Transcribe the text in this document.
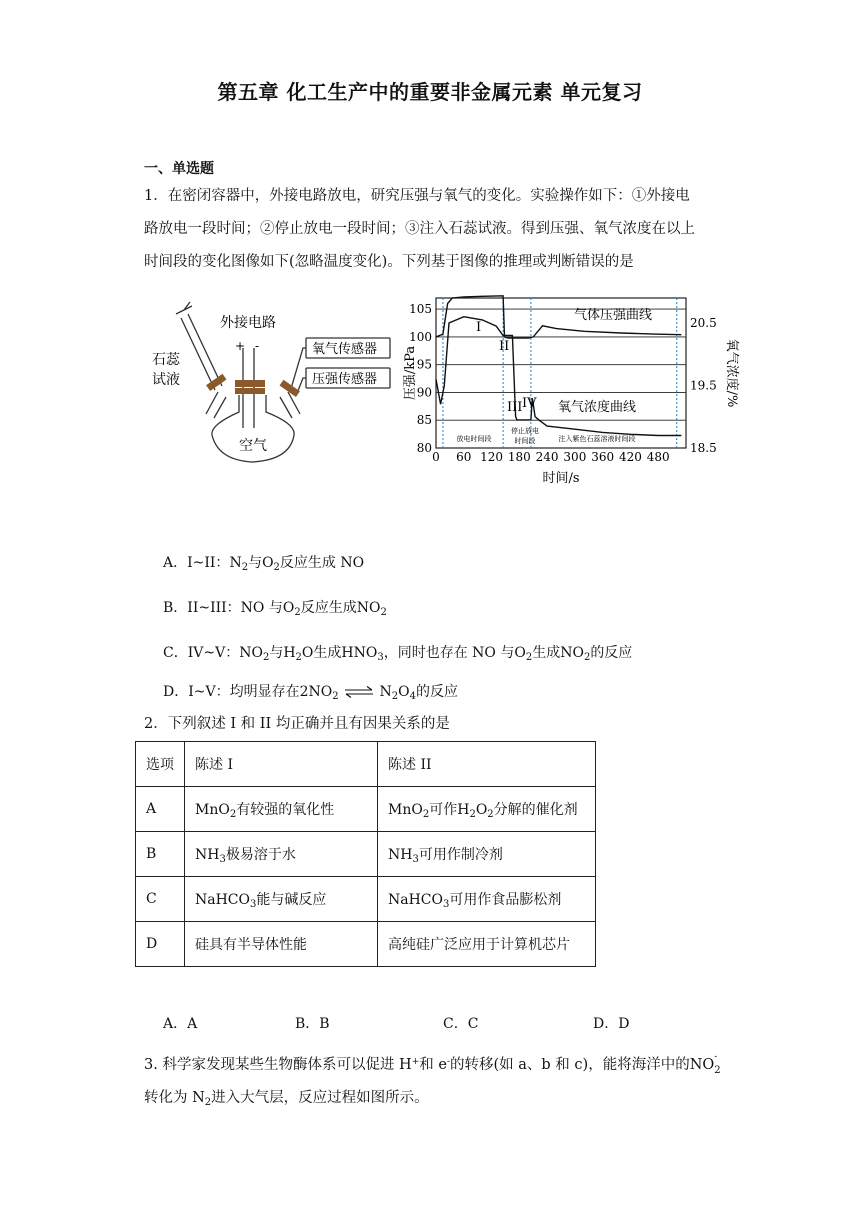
第五章 化工生产中的重要非金属元素 单元复习
一、单选题
1．在密闭容器中，外接电路放电，研究压强与氧气的变化。实验操作如下：①外接电
路放电一段时间；②停止放电一段时间；③注入石蕊试液。得到压强、氧气浓度在以上
时间段的变化图像如下(忽略温度变化)。下列基于图像的推理或判断错误的是
外接电路
+ -
石蕊
试液
氧气传感器
压强传感器
空气	80
85
90
95
100
105
18.5
19.5
20.5
0 60 120 180 240 300 360 420 480
气体压强曲线
氧气浓度曲线
I
II
III IV
放电时间段
停止放电
时间段	注入紫色石蕊溶液时间段
时间/s
压强/kPa	氧气浓度/%
A．I~II：$N_2$与$O_2$反应生成 NO
B．II~III：NO 与$O_2$反应生成$NO_2$
C．IV~V：$NO_2$与$H_2O$生成$HNO_3$，同时也存在 NO 与$O_2$生成$NO_2$的反应
D．I~V：均明显存在$2NO_2$ ⇌ $N_2O_4$的反应
2．下列叙述 I 和 II 均正确并且有因果关系的是
选项	陈述 I	陈述 II
A	MnO$_2$有较强的氧化性	MnO$_2$可作$H_2O_2$分解的催化剂
B	$NH_3$极易溶于水	$NH_3$可用作制冷剂
C	NaHCO$_3$能与碱反应	NaHCO$_3$可用作食品膨松剂
D	硅具有半导体性能	高纯硅广泛应用于计算机芯片
A．A	B．B	C．C	D．D
3. 科学家发现某些生物酶体系可以促进 H+和 e-的转移(如 a、b 和 c)，能将海洋中的NO -
2
转化为 $N_2$进入大气层，反应过程如图所示。
